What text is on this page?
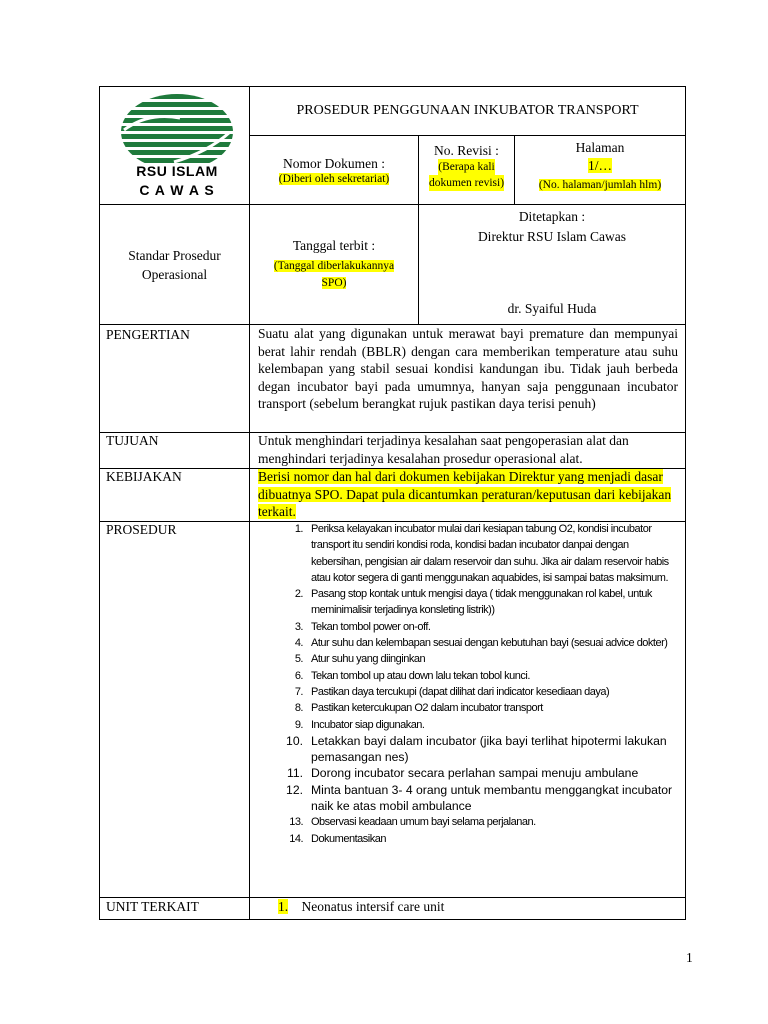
RSU ISLAM
C A W A S
PROSEDUR PENGGUNAAN INKUBATOR TRANSPORT
Nomor Dokumen :
(Diberi oleh sekretariat)
No. Revisi :
(Berapa kali
dokumen revisi)
Halaman
1/…
(No. halaman/jumlah hlm)
Standar Prosedur
Operasional
Tanggal terbit :
(Tanggal diberlakukannya
SPO)
Ditetapkan :
Direktur RSU Islam Cawas
dr. Syaiful Huda
PENGERTIAN
TUJUAN
KEBIJAKAN
PROSEDUR
UNIT TERKAIT
Suatu alat yang digunakan untuk merawat bayi premature dan mempunyai berat lahir rendah (BBLR) dengan cara memberikan temperature atau suhu kelembapan yang stabil sesuai kondisi kandungan ibu. Tidak jauh berbeda degan incubator bayi pada umumnya, hanyan saja penggunaan incubator transport (sebelum berangkat rujuk pastikan daya terisi penuh)
Untuk menghindari terjadinya kesalahan saat pengoperasian alat dan menghindari terjadinya kesalahan prosedur operasional alat.
Berisi nomor dan hal dari dokumen kebijakan Direktur yang menjadi dasar dibuatnya SPO. Dapat pula dicantumkan peraturan/keputusan dari kebijakan terkait.
1. Periksa kelayakan incubator mulai dari kesiapan tabung O2, kondisi incubator transport itu sendiri kondisi roda, kondisi badan incubator danpai dengan kebersihan, pengisian air dalam reservoir dan suhu. Jika air dalam reservoir habis atau kotor segera di ganti menggunakan aquabides, isi sampai batas maksimum.
2. Pasang stop kontak untuk mengisi daya ( tidak menggunakan rol kabel, untuk meminimalisir terjadinya konsleting listrik))
3. Tekan tombol power on-off.
4. Atur suhu dan kelembapan sesuai dengan kebutuhan bayi (sesuai advice dokter)
5. Atur suhu yang diinginkan
6. Tekan tombol up atau down lalu tekan tobol kunci.
7. Pastikan daya tercukupi (dapat dilihat dari indicator kesediaan daya)
8. Pastikan ketercukupan O2 dalam incubator transport
9. Incubator siap digunakan.
10. Letakkan bayi dalam incubator (jika bayi terlihat hipotermi lakukan pemasangan nes)
11. Dorong incubator secara perlahan sampai menuju ambulane
12. Minta bantuan 3- 4 orang untuk membantu menggangkat incubator naik ke atas mobil ambulance
13. Observasi keadaan umum bayi selama perjalanan.
14. Dokumentasikan
1. Neonatus intersif care unit
1
